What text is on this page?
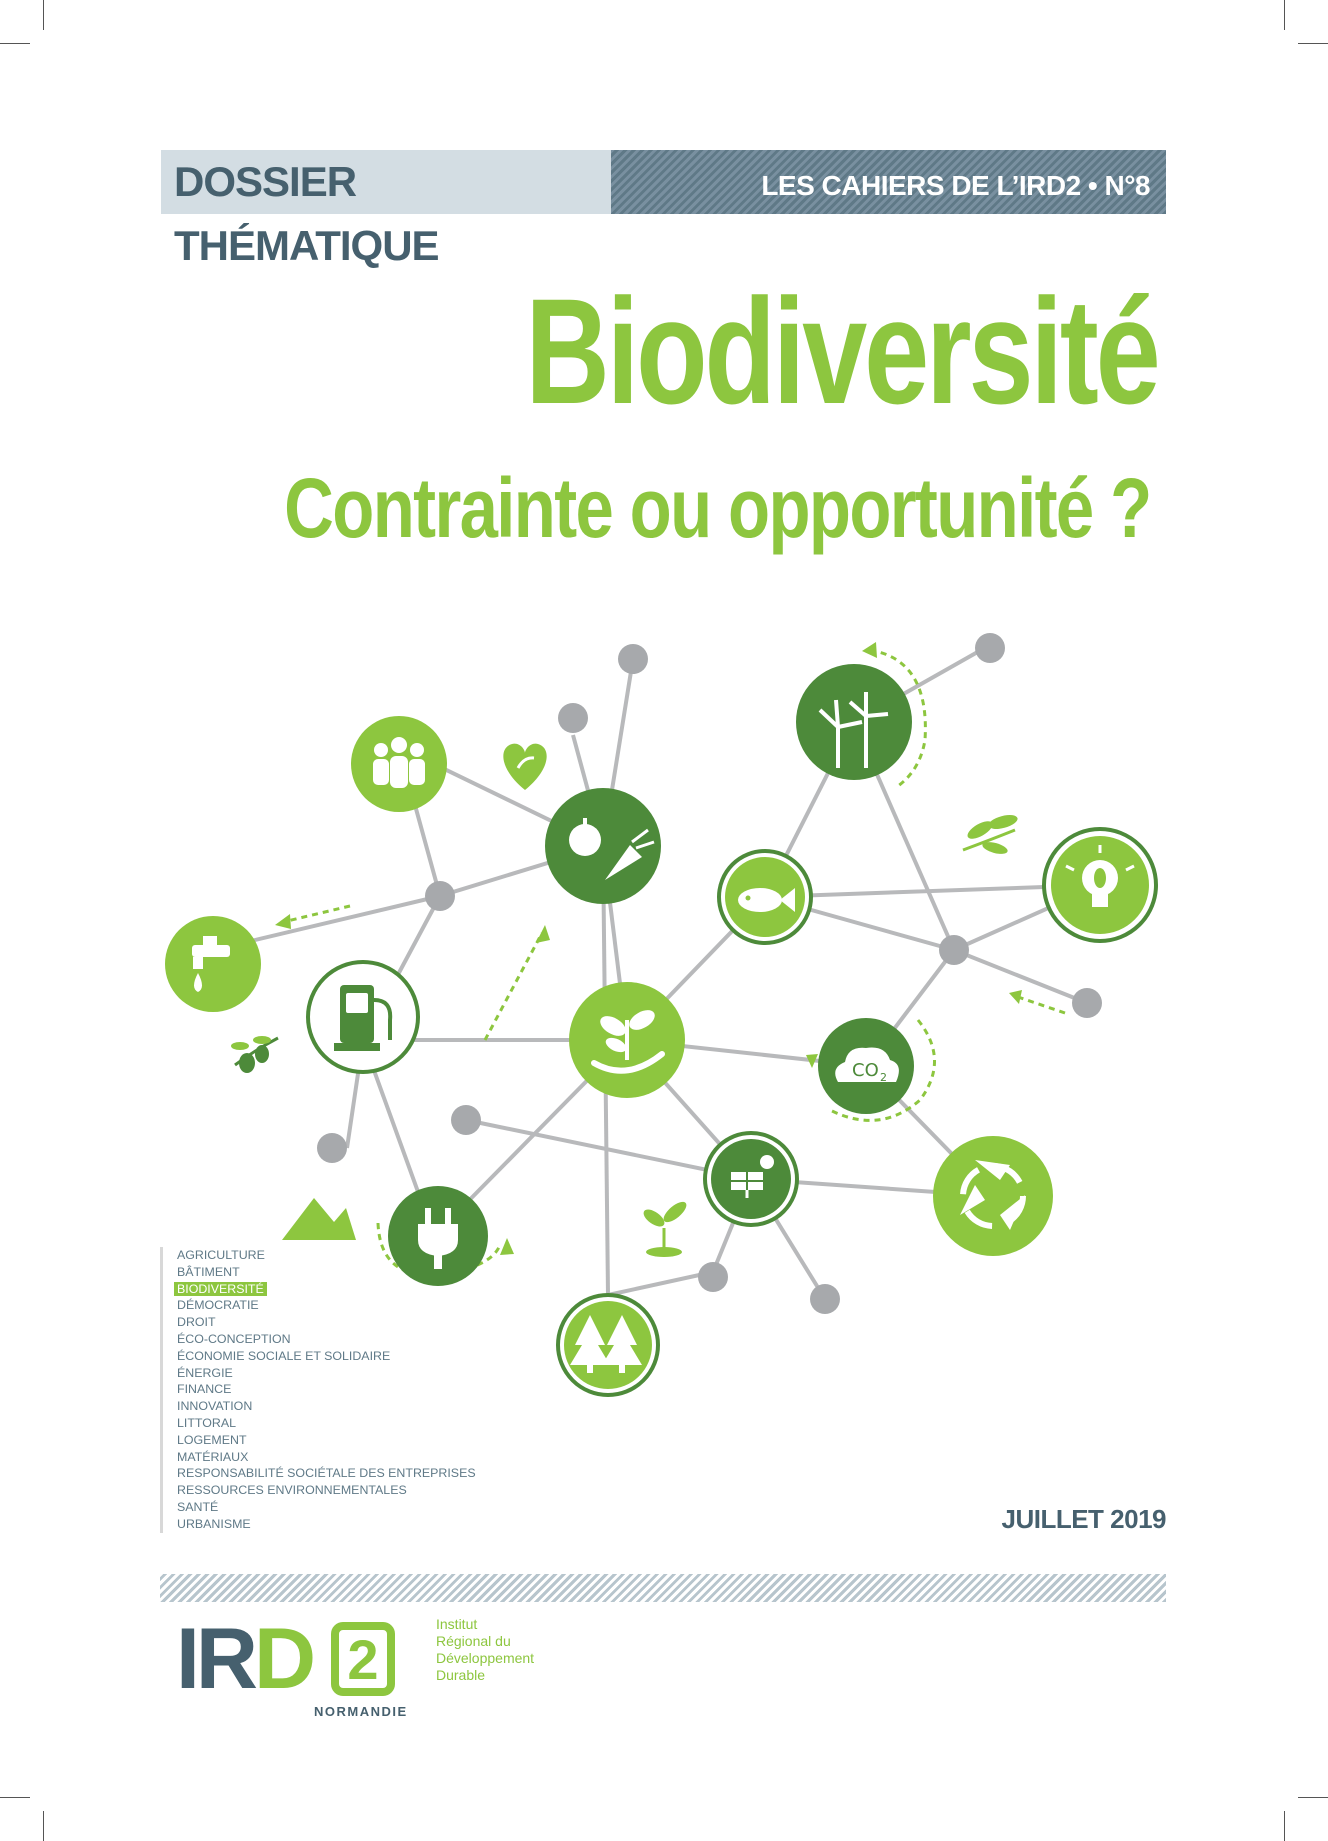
DOSSIER THÉMATIQUE
LES CAHIERS DE L’IRD2 • N°8
Biodiversité
Contrainte ou opportunité ?
CO 2
AGRICULTURE
BÂTIMENT
BIODIVERSITÉ
DÉMOCRATIE
DROIT
ÉCO-CONCEPTION
ÉCONOMIE SOCIALE ET SOLIDAIRE
ÉNERGIE
FINANCE
INNOVATION
LITTORAL
LOGEMENT
MATÉRIAUX
RESPONSABILITÉ SOCIÉTALE DES ENTREPRISES
RESSOURCES ENVIRONNEMENTALES
SANTÉ
URBANISME	JUILLET 2019
IRD 2
NORMANDIE
Institut
Régional du
Développement
Durable
